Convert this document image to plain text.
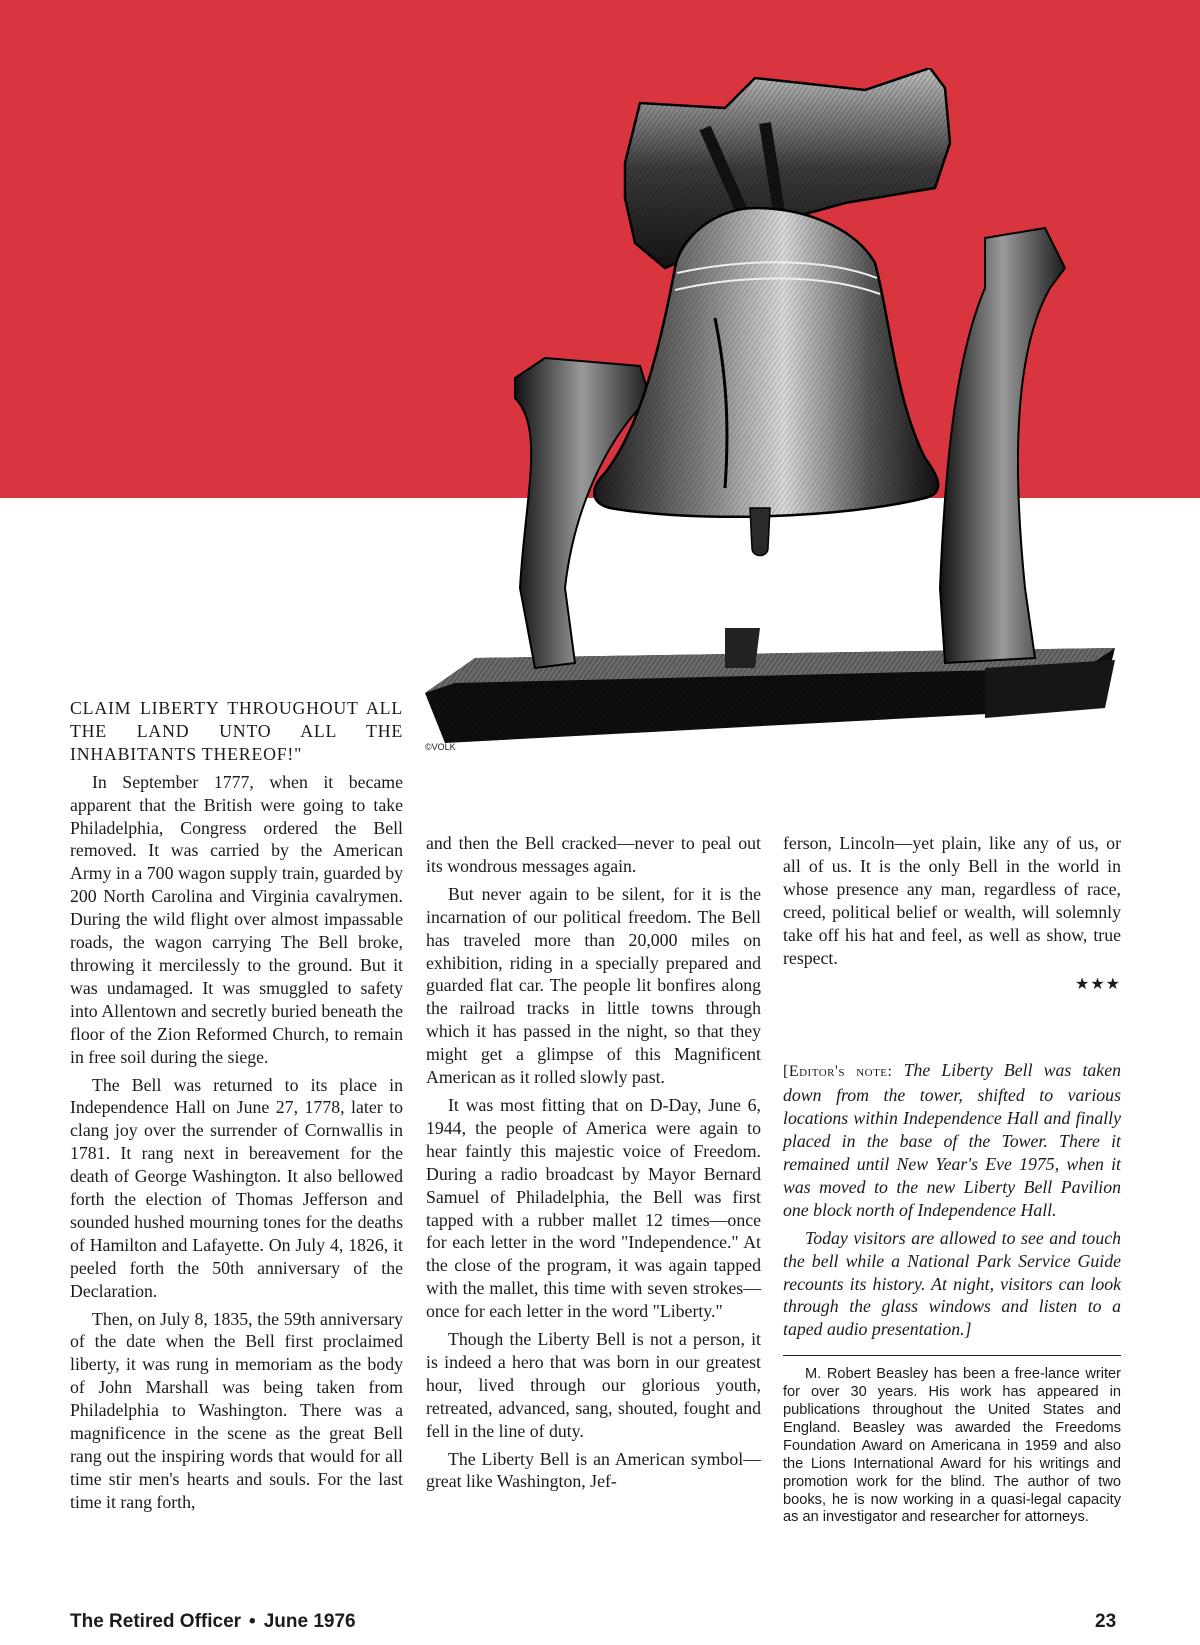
©VOLK

CLAIM LIBERTY THROUGHOUT ALL THE LAND UNTO ALL THE INHABITANTS THEREOF!"

In September 1777, when it became apparent that the British were going to take Philadelphia, Congress ordered the Bell removed. It was carried by the American Army in a 700 wagon supply train, guarded by 200 North Carolina and Virginia cavalrymen. During the wild flight over almost impassable roads, the wagon carrying The Bell broke, throwing it mercilessly to the ground. But it was undamaged. It was smuggled to safety into Allentown and secretly buried beneath the floor of the Zion Reformed Church, to remain in free soil during the siege.

The Bell was returned to its place in Independence Hall on June 27, 1778, later to clang joy over the surrender of Cornwallis in 1781. It rang next in bereavement for the death of George Washington. It also bellowed forth the election of Thomas Jefferson and sounded hushed mourning tones for the deaths of Hamilton and Lafayette. On July 4, 1826, it peeled forth the 50th anniversary of the Declaration.

Then, on July 8, 1835, the 59th anniversary of the date when the Bell first proclaimed liberty, it was rung in memoriam as the body of John Marshall was being taken from Philadelphia to Washington. There was a magnificence in the scene as the great Bell rang out the inspiring words that would for all time stir men's hearts and souls. For the last time it rang forth,

and then the Bell cracked—never to peal out its wondrous messages again.

But never again to be silent, for it is the incarnation of our political freedom. The Bell has traveled more than 20,000 miles on exhibition, riding in a specially prepared and guarded flat car. The people lit bonfires along the railroad tracks in little towns through which it has passed in the night, so that they might get a glimpse of this Magnificent American as it rolled slowly past.

It was most fitting that on D-Day, June 6, 1944, the people of America were again to hear faintly this majestic voice of Freedom. During a radio broadcast by Mayor Bernard Samuel of Philadelphia, the Bell was first tapped with a rubber mallet 12 times—once for each letter in the word "Independence." At the close of the program, it was again tapped with the mallet, this time with seven strokes—once for each letter in the word "Liberty."

Though the Liberty Bell is not a person, it is indeed a hero that was born in our greatest hour, lived through our glorious youth, retreated, advanced, sang, shouted, fought and fell in the line of duty.

The Liberty Bell is an American symbol—great like Washington, Jef-

ferson, Lincoln—yet plain, like any of us, or all of us. It is the only Bell in the world in whose presence any man, regardless of race, creed, political belief or wealth, will solemnly take off his hat and feel, as well as show, true respect.

★★★

[Editor's note: The Liberty Bell was taken down from the tower, shifted to various locations within Independence Hall and finally placed in the base of the Tower. There it remained until New Year's Eve 1975, when it was moved to the new Liberty Bell Pavilion one block north of Independence Hall.

Today visitors are allowed to see and touch the bell while a National Park Service Guide recounts its history. At night, visitors can look through the glass windows and listen to a taped audio presentation.]

M. Robert Beasley has been a free-lance writer for over 30 years. His work has appeared in publications throughout the United States and England. Beasley was awarded the Freedoms Foundation Award on Americana in 1959 and also the Lions International Award for his writings and promotion work for the blind. The author of two books, he is now working in a quasi-legal capacity as an investigator and researcher for attorneys.

The Retired Officer • June 1976	23
